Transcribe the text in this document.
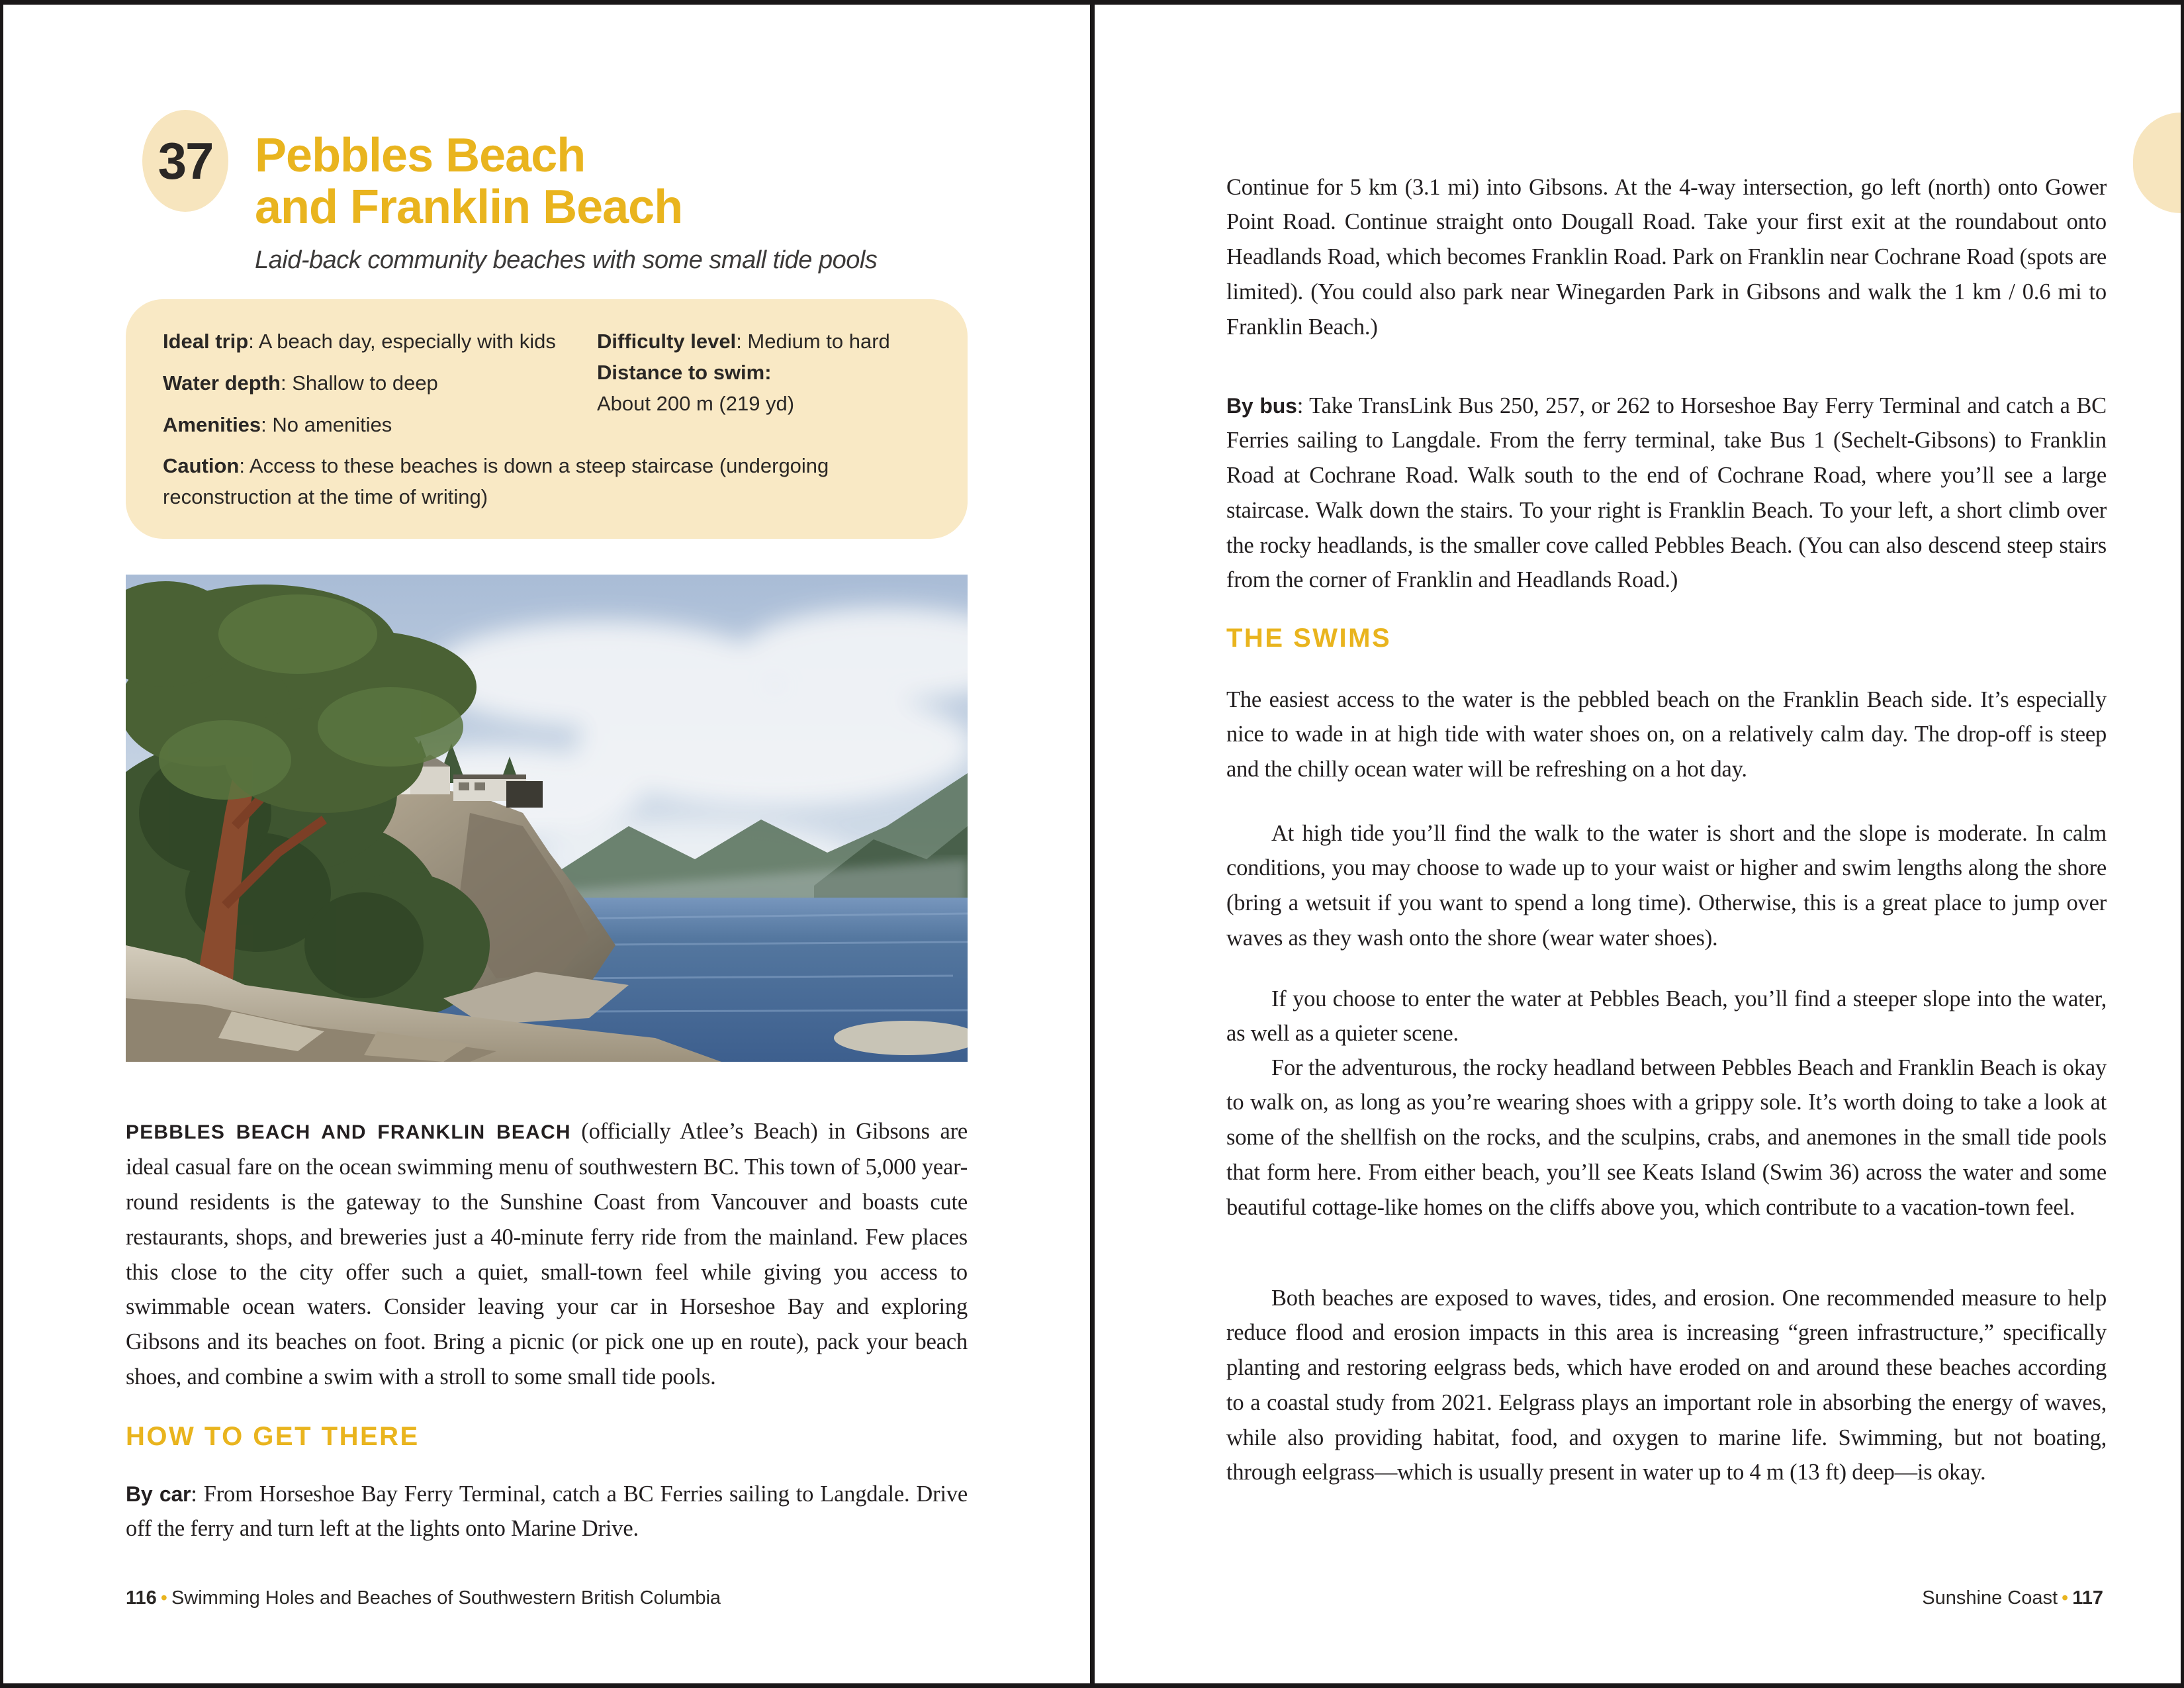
37 Pebbles Beach
and Franklin Beach
Laid-back community beaches with some small tide pools
Ideal trip: A beach day, especially with kids
Water depth: Shallow to deep
Amenities: No amenities
Difficulty level: Medium to hard
Distance to swim:
About 200 m (219 yd)
Caution: Access to these beaches is down a steep staircase (undergoing reconstruction at the time of writing)

PEBBLES BEACH AND FRANKLIN BEACH (officially Atlee’s Beach) in Gibsons are ideal casual fare on the ocean swimming menu of southwestern BC. This town of 5,000 year-round residents is the gateway to the Sunshine Coast from Vancouver and boasts cute restaurants, shops, and breweries just a 40-minute ferry ride from the mainland. Few places this close to the city offer such a quiet, small-town feel while giving you access to swimmable ocean waters. Consider leaving your car in Horseshoe Bay and exploring Gibsons and its beaches on foot. Bring a picnic (or pick one up en route), pack your beach shoes, and combine a swim with a stroll to some small tide pools.

HOW TO GET THERE

By car: From Horseshoe Bay Ferry Terminal, catch a BC Ferries sailing to Langdale. Drive off the ferry and turn left at the lights onto Marine Drive.

116 • Swimming Holes and Beaches of Southwestern British Columbia

Continue for 5 km (3.1 mi) into Gibsons. At the 4-way intersection, go left (north) onto Gower Point Road. Continue straight onto Dougall Road. Take your first exit at the roundabout onto Headlands Road, which becomes Franklin Road. Park on Franklin near Cochrane Road (spots are limited). (You could also park near Winegarden Park in Gibsons and walk the 1 km / 0.6 mi to Franklin Beach.)

By bus: Take TransLink Bus 250, 257, or 262 to Horseshoe Bay Ferry Terminal and catch a BC Ferries sailing to Langdale. From the ferry terminal, take Bus 1 (Sechelt-Gibsons) to Franklin Road at Cochrane Road. Walk south to the end of Cochrane Road, where you’ll see a large staircase. Walk down the stairs. To your right is Franklin Beach. To your left, a short climb over the rocky headlands, is the smaller cove called Pebbles Beach. (You can also descend steep stairs from the corner of Franklin and Headlands Road.)

THE SWIMS

The easiest access to the water is the pebbled beach on the Franklin Beach side. It’s especially nice to wade in at high tide with water shoes on, on a relatively calm day. The drop-off is steep and the chilly ocean water will be refreshing on a hot day.

At high tide you’ll find the walk to the water is short and the slope is moderate. In calm conditions, you may choose to wade up to your waist or higher and swim lengths along the shore (bring a wetsuit if you want to spend a long time). Otherwise, this is a great place to jump over waves as they wash onto the shore (wear water shoes).

If you choose to enter the water at Pebbles Beach, you’ll find a steeper slope into the water, as well as a quieter scene.

For the adventurous, the rocky headland between Pebbles Beach and Franklin Beach is okay to walk on, as long as you’re wearing shoes with a grippy sole. It’s worth doing to take a look at some of the shellfish on the rocks, and the sculpins, crabs, and anemones in the small tide pools that form here. From either beach, you’ll see Keats Island (Swim 36) across the water and some beautiful cottage-like homes on the cliffs above you, which contribute to a vacation-town feel.

Both beaches are exposed to waves, tides, and erosion. One recommended measure to help reduce flood and erosion impacts in this area is increasing “green infrastructure,” specifically planting and restoring eelgrass beds, which have eroded on and around these beaches according to a coastal study from 2021. Eelgrass plays an important role in absorbing the energy of waves, while also providing habitat, food, and oxygen to marine life. Swimming, but not boating, through eelgrass—which is usually present in water up to 4 m (13 ft) deep—is okay.

Sunshine Coast • 117
